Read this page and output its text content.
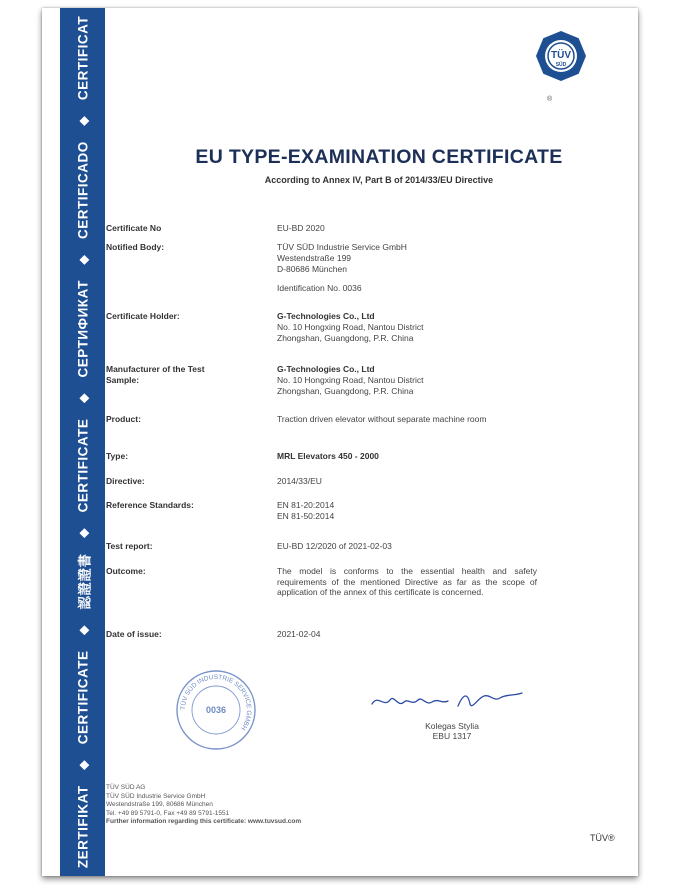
ZERTIFIKAT
◆
CERTIFICATE
◆
認證證書
◆
CERTIFICATE
◆
СЕРТИФИКАТ
◆
CERTIFICADO
◆
CERTIFICAT	TÜV
SÜD
®
EU TYPE-EXAMINATION CERTIFICATE
According to Annex IV, Part B of 2014/33/EU Directive
Certificate No	EU-BD 2020
Notified Body:	TÜV SÜD Industrie Service GmbH
Westendstraße 199
D-80686 München
Identification No. 0036
Certificate Holder:	G-Technologies Co., Ltd
No. 10 Hongxing Road, Nantou District
Zhongshan, Guangdong, P.R. China
Manufacturer of the Test Sample:
G-Technologies Co., Ltd
No. 10 Hongxing Road, Nantou District
Zhongshan, Guangdong, P.R. China
Product:	Traction driven elevator without separate machine room
Type:	MRL Elevators 450 - 2000
Directive:	2014/33/EU
Reference Standards:	EN 81-20:2014
EN 81-50:2014
Test report:	EU-BD 12/2020 of 2021-02-03
Outcome:	The model is conforms to the essential health and safety requirements of the mentioned Directive as far as the scope of application of the annex of this certificate is concerned.
Date of issue:	2021-02-04
TÜV SÜD INDUSTRIE SERVICE GMBH
0036
Kolegas Stylia
EBU 1317
TÜV SÜD AG
TÜV SÜD Industrie Service GmbH
Westendstraße 199, 80686 München
Tel. +49 89 5791-0, Fax +49 89 5791-1551
Further information regarding this certificate: www.tuvsud.com
TÜV®
